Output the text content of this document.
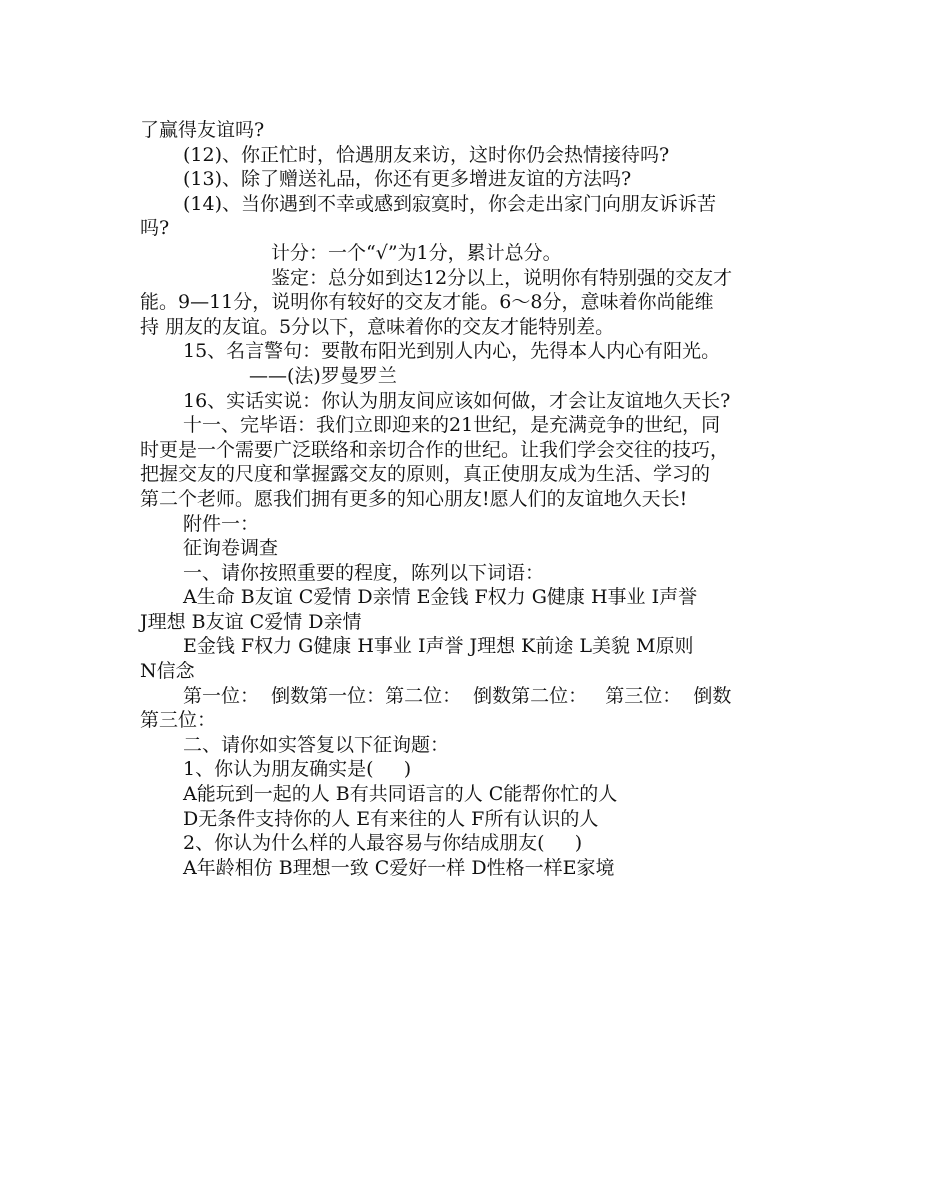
了赢得友谊吗?
(12)、你正忙时，恰遇朋友来访，这时你仍会热情接待吗?
(13)、除了赠送礼品，你还有更多增进友谊的方法吗?
(14)、当你遇到不幸或感到寂寞时，你会走出家门向朋友诉诉苦
吗?
计分：一个“√”为1分，累计总分。
鉴定：总分如到达12分以上，说明你有特别强的交友才
能。9—11分，说明你有较好的交友才能。6～8分，意味着你尚能维
持 朋友的友谊。5分以下，意味着你的交友才能特别差。
15、名言警句：要散布阳光到别人内心，先得本人内心有阳光。
——(法)罗曼罗兰
16、实话实说：你认为朋友间应该如何做，才会让友谊地久天长?
十一、完毕语：我们立即迎来的21世纪，是充满竞争的世纪，同
时更是一个需要广泛联络和亲切合作的世纪。让我们学会交往的技巧，
把握交友的尺度和掌握露交友的原则，真正使朋友成为生活、学习的
第二个老师。愿我们拥有更多的知心朋友!愿人们的友谊地久天长!
附件一：
征询卷调查
一、请你按照重要的程度，陈列以下词语：
A生命 B友谊 C爱情 D亲情 E金钱 F权力 G健康 H事业 I声誉
J理想 B友谊 C爱情 D亲情
E金钱 F权力 G健康 H事业 I声誉 J理想 K前途 L美貌 M原则
N信念
第一位：  倒数第一位：第二位：  倒数第二位：   第三位：  倒数
第三位：
二、请你如实答复以下征询题：
1、你认为朋友确实是(     )
A能玩到一起的人 B有共同语言的人 C能帮你忙的人
D无条件支持你的人 E有来往的人 F所有认识的人
2、你认为什么样的人最容易与你结成朋友(     )
A年龄相仿 B理想一致 C爱好一样 D性格一样E家境
